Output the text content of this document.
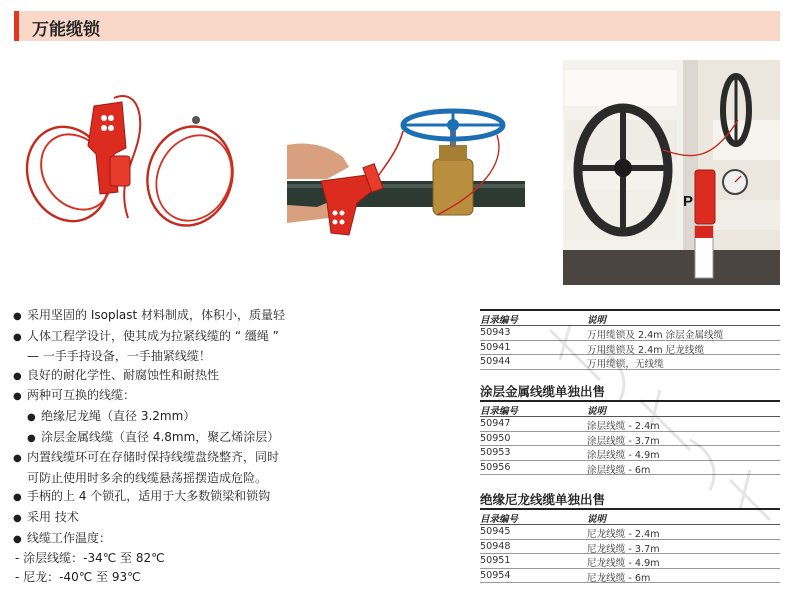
万能缆锁
P
● 采用坚固的 Isoplast 材料制成，体积小，质量轻
● 人体工程学设计，使其成为拉紧线缆的 “ 缰绳 ”
— 一手手持设备，一手抽紧线缆！
● 良好的耐化学性、耐腐蚀性和耐热性
● 两种可互换的线缆：
● 绝缘尼龙绳（直径 3.2mm）
● 涂层金属线缆（直径 4.8mm，聚乙烯涂层）
● 内置线缆环可在存储时保持线缆盘绕整齐，同时
可防止使用时多余的线缆悬荡摇摆造成危险。
● 手柄的上 4 个锁孔，适用于大多数锁梁和锁钩
● 采用 技术
● 线缆工作温度：
- 涂层线缆：-34℃ 至 82℃
- 尼龙：-40℃ 至 93℃
目录编号	说明
50943	万用缆锁及 2.4m 涂层金属线缆
50941	万用缆锁及 2.4m 尼龙线缆
50944	万用缆锁，无线缆
涂层金属线缆单独出售
目录编号	说明
50947	涂层线缆 - 2.4m
50950	涂层线缆 - 3.7m
50953	涂层线缆 - 4.9m
50956	涂层线缆 - 6m
绝缘尼龙线缆单独出售
目录编号	说明
50945	尼龙线缆 - 2.4m
50948	尼龙线缆 - 3.7m
50951	尼龙线缆 - 4.9m
50954	尼龙线缆 - 6m
